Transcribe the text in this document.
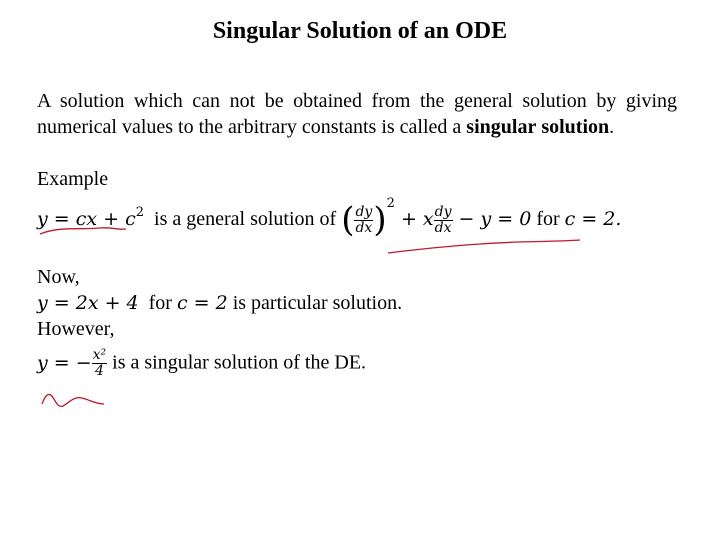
Singular Solution of an ODE
A solution which can not be obtained from the general solution by giving numerical values to the arbitrary constants is called a singular solution.
Example
y = cx + $c^2$ is a general solution of ( $\frac{dy}{dx} )^2 + x \frac{dy}{dx} - y = 0$ for c = 2.
Now,
y = 2x + 4 for c = 2 is particular solution.
However,
y = − $\frac{\text{x²}}{4}$ is a singular solution of the DE.
